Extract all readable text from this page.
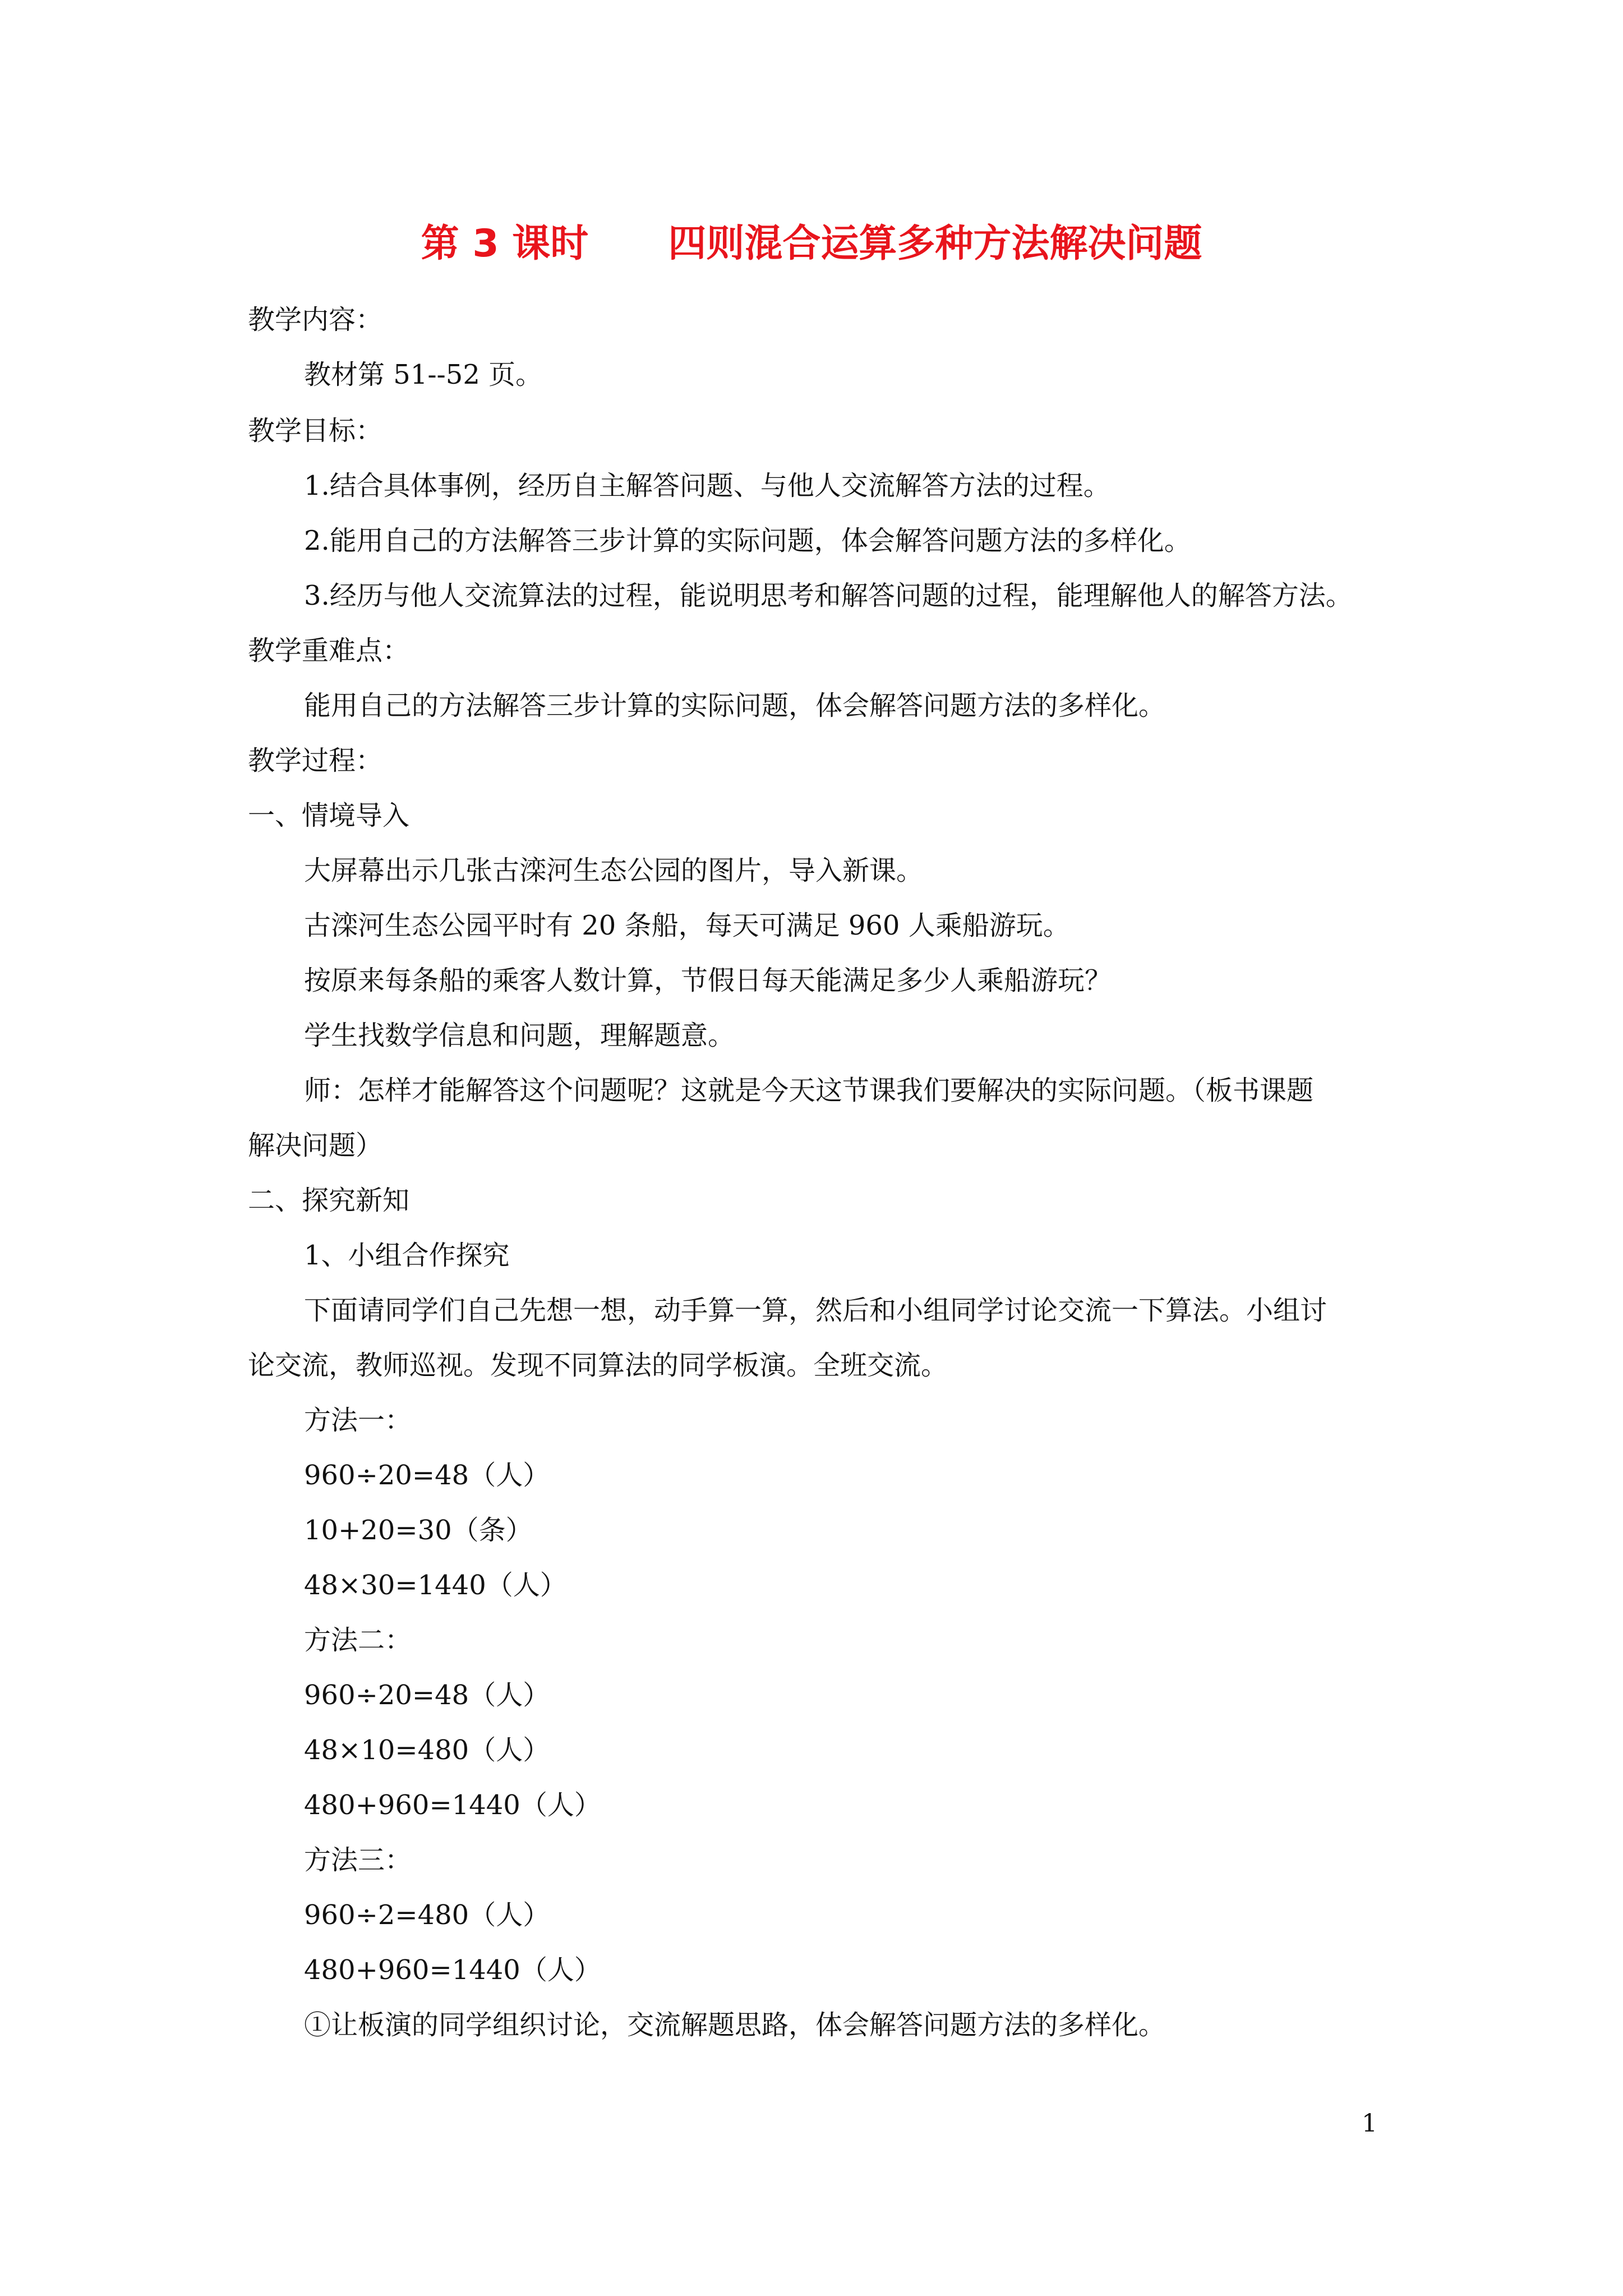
第 3 课时      四则混合运算多种方法解决问题
教学内容：
教材第 51--52 页。
教学目标：
1.结合具体事例，经历自主解答问题、与他人交流解答方法的过程。
2.能用自己的方法解答三步计算的实际问题，体会解答问题方法的多样化。
3.经历与他人交流算法的过程，能说明思考和解答问题的过程，能理解他人的解答方法。
教学重难点：
能用自己的方法解答三步计算的实际问题，体会解答问题方法的多样化。
教学过程：
一、情境导入
大屏幕出示几张古滦河生态公园的图片，导入新课。
古滦河生态公园平时有 20 条船，每天可满足 960 人乘船游玩。
按原来每条船的乘客人数计算，节假日每天能满足多少人乘船游玩？
学生找数学信息和问题，理解题意。
师：怎样才能解答这个问题呢？这就是今天这节课我们要解决的实际问题。（板书课题
解决问题）
二、探究新知
1、小组合作探究
下面请同学们自己先想一想，动手算一算，然后和小组同学讨论交流一下算法。小组讨
论交流，教师巡视。发现不同算法的同学板演。全班交流。
方法一：
960÷20=48（人）
10+20=30（条）
48×30=1440（人）
方法二：
960÷20=48（人）
48×10=480（人）
480+960=1440（人）
方法三：
960÷2=480（人）
480+960=1440（人）
①让板演的同学组织讨论，交流解题思路，体会解答问题方法的多样化。
1
